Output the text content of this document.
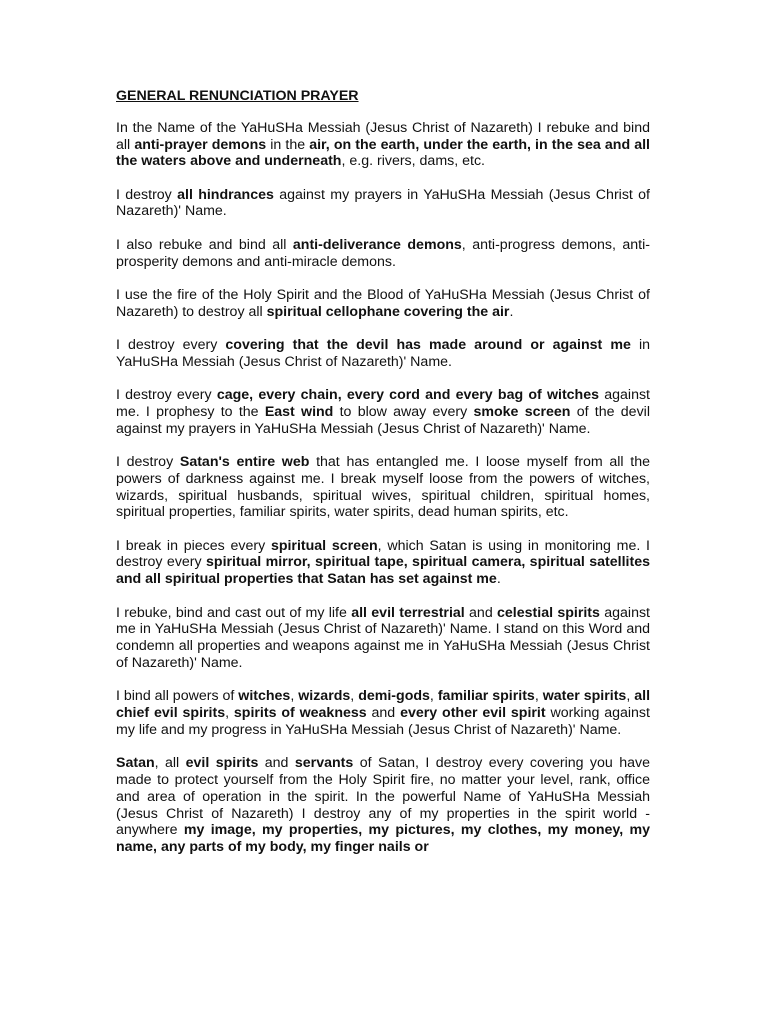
GENERAL RENUNCIATION PRAYER

In the Name of the YaHuSHa Messiah (Jesus Christ of Nazareth) I rebuke and bind all anti-prayer demons in the air, on the earth, under the earth, in the sea and all the waters above and underneath, e.g. rivers, dams, etc.

I destroy all hindrances against my prayers in YaHuSHa Messiah (Jesus Christ of Nazareth)' Name.

I also rebuke and bind all anti-deliverance demons, anti-progress demons, anti-prosperity demons and anti-miracle demons.

I use the fire of the Holy Spirit and the Blood of YaHuSHa Messiah (Jesus Christ of Nazareth) to destroy all spiritual cellophane covering the air.

I destroy every covering that the devil has made around or against me in YaHuSHa Messiah (Jesus Christ of Nazareth)' Name.

I destroy every cage, every chain, every cord and every bag of witches against me. I prophesy to the East wind to blow away every smoke screen of the devil against my prayers in YaHuSHa Messiah (Jesus Christ of Nazareth)' Name.

I destroy Satan's entire web that has entangled me. I loose myself from all the powers of darkness against me. I break myself loose from the powers of witches, wizards, spiritual husbands, spiritual wives, spiritual children, spiritual homes, spiritual properties, familiar spirits, water spirits, dead human spirits, etc.

I break in pieces every spiritual screen, which Satan is using in monitoring me. I destroy every spiritual mirror, spiritual tape, spiritual camera, spiritual satellites and all spiritual properties that Satan has set against me.

I rebuke, bind and cast out of my life all evil terrestrial and celestial spirits against me in YaHuSHa Messiah (Jesus Christ of Nazareth)' Name. I stand on this Word and condemn all properties and weapons against me in YaHuSHa Messiah (Jesus Christ of Nazareth)' Name.

I bind all powers of witches, wizards, demi-gods, familiar spirits, water spirits, all chief evil spirits, spirits of weakness and every other evil spirit working against my life and my progress in YaHuSHa Messiah (Jesus Christ of Nazareth)' Name.

Satan, all evil spirits and servants of Satan, I destroy every covering you have made to protect yourself from the Holy Spirit fire, no matter your level, rank, office and area of operation in the spirit. In the powerful Name of YaHuSHa Messiah (Jesus Christ of Nazareth) I destroy any of my properties in the spirit world - anywhere my image, my properties, my pictures, my clothes, my money, my name, any parts of my body, my finger nails or
